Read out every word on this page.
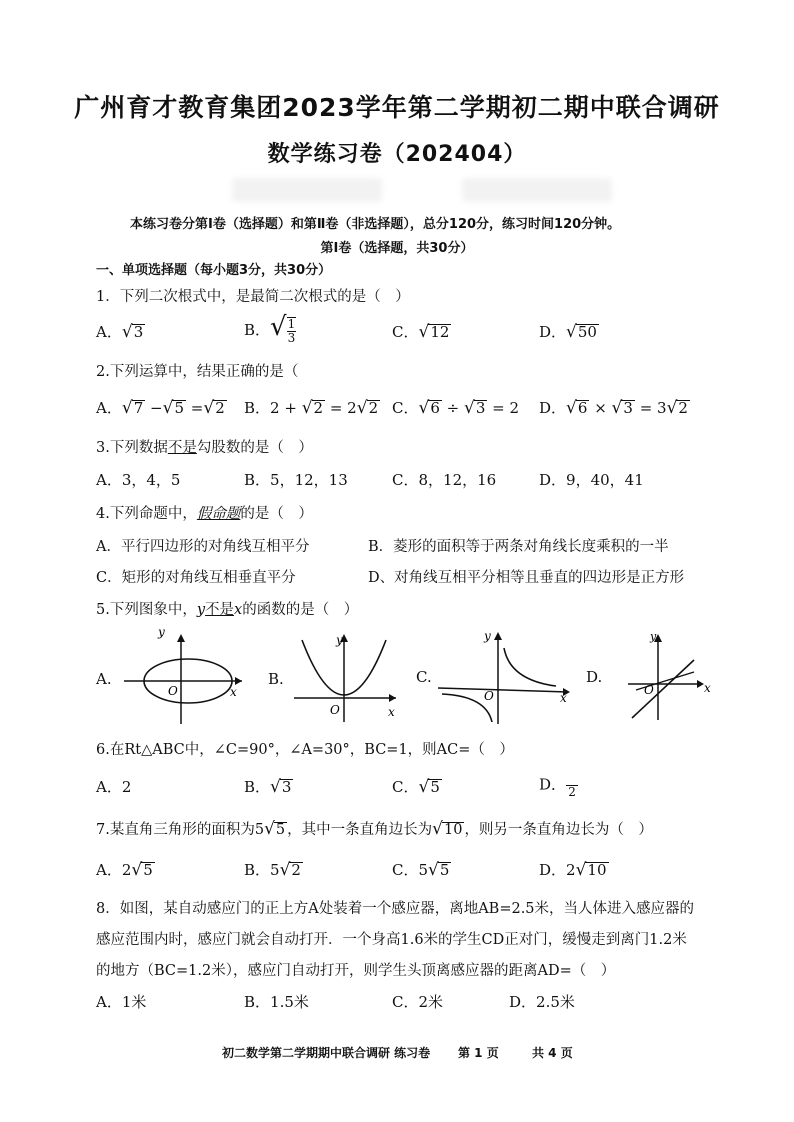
广州育才教育集团2023学年第二学期初二期中联合调研
数学练习卷（202404）
本练习卷分第Ⅰ卷（选择题）和第Ⅱ卷（非选择题），总分120分，练习时间120分钟。
第Ⅰ卷（选择题，共30分）
一、单项选择题（每小题3分，共30分）
1．下列二次根式中，是最简二次根式的是（　）
A．√3	B．√ $\frac{1}{3}$	C．√12	D．√50
2.下列运算中，结果正确的是（
A．√7 −√5 =√2 B．2 + √2 = 2√2 C．√6 ÷ √3 = 2 D．√6 × √3 = 3√2
3.下列数据不是勾股数的是（　）
A．3，4，5	B．5，12，13	C．8，12，16	D．9，40，41
4.下列命题中，假命题的是（　）
A．平行四边形的对角线互相平分	B．菱形的面积等于两条对角线长度乘积的一半
C．矩形的对角线互相垂直平分	D、对角线互相平分相等且垂直的四边形是正方形
5.下列图象中，y不是x的函数的是（　）
A.
y
x
O
B.
y
x
O
C.
y
x
O
D.
y
x
O
6.在Rt△ABC中，∠C=90°，∠A=30°，BC=1，则AC=（　）
A．2	B．√3	C．√5	D． 2
7.某直角三角形的面积为5√5 ，其中一条直角边长为√10 ，则另一条直角边长为（　）
A．2√5	B．5√2	C．5√5	D．2√10
8．如图，某自动感应门的正上方A处装着一个感应器，离地AB=2.5米，当人体进入感应器的
感应范围内时，感应门就会自动打开．一个身高1.6米的学生CD正对门，缓慢走到离门1.2米
的地方（BC=1.2米），感应门自动打开，则学生头顶离感应器的距离AD=（　）
A．1米	B．1.5米	C．2米	D．2.5米
初二数学第二学期期中联合调研 练习卷 第 1 页	共 4 页
